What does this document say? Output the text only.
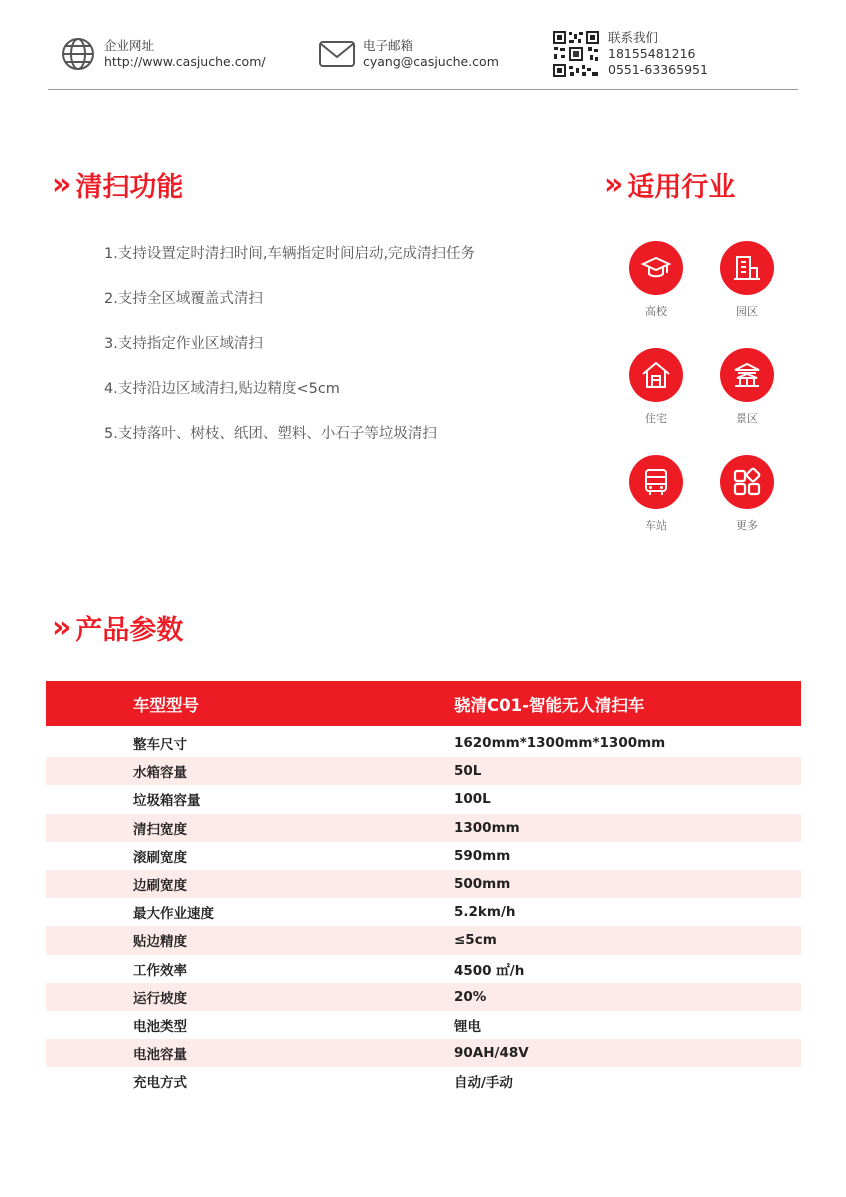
企业网址
http://www.casjuche.com/
电子邮箱
cyang@casjuche.com
联系我们
18155481216
0551-63365951
» 清扫功能
1.支持设置定时清扫时间,车辆指定时间启动,完成清扫任务
2.支持全区域覆盖式清扫
3.支持指定作业区域清扫
4.支持沿边区域清扫,贴边精度<5cm
5.支持落叶、树枝、纸团、塑料、小石子等垃圾清扫
» 适用行业
高校	园区
住宅	景区
车站	更多
» 产品参数
车型型号	骁清C01-智能无人清扫车
整车尺寸	1620mm*1300mm*1300mm
水箱容量	50L
垃圾箱容量	100L
清扫宽度	1300mm
滚刷宽度	590mm
边刷宽度	500mm
最大作业速度	5.2km/h
贴边精度	≤5cm
工作效率	4500 ㎡/h
运行坡度	20%
电池类型	锂电
电池容量	90AH/48V
充电方式	自动/手动
